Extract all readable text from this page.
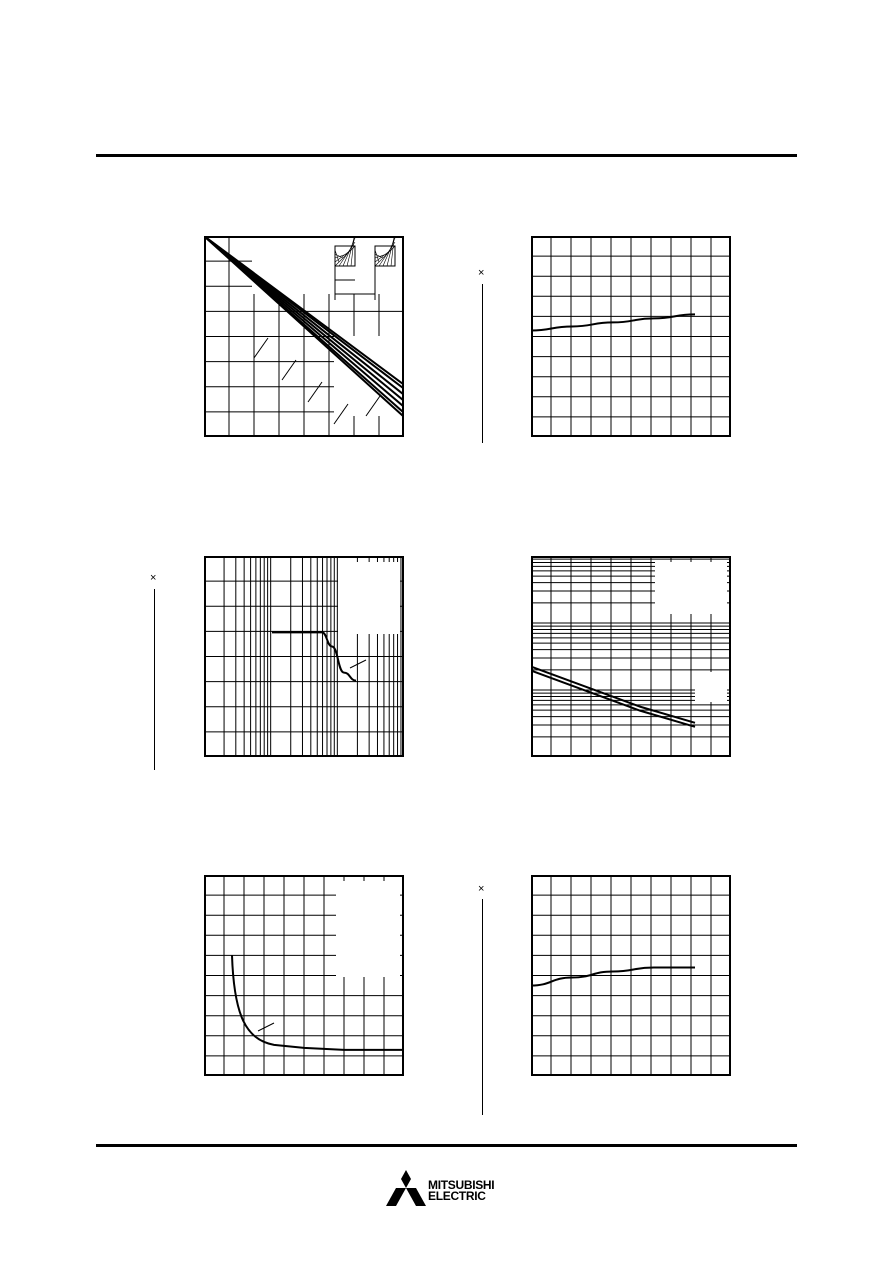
×
×
×
MITSUBISHI
ELECTRIC
